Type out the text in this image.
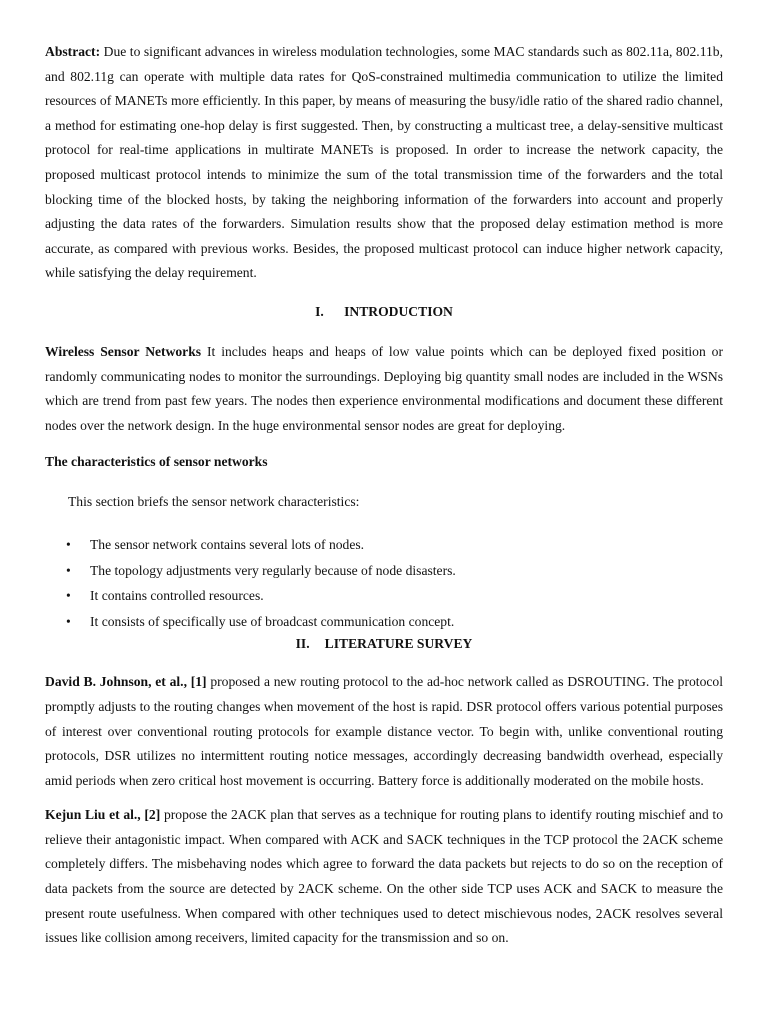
Abstract: Due to significant advances in wireless modulation technologies, some MAC standards such as 802.11a, 802.11b, and 802.11g can operate with multiple data rates for QoS-constrained multimedia communication to utilize the limited resources of MANETs more efficiently. In this paper, by means of measuring the busy/idle ratio of the shared radio channel, a method for estimating one-hop delay is first suggested. Then, by constructing a multicast tree, a delay-sensitive multicast protocol for real-time applications in multirate MANETs is proposed. In order to increase the network capacity, the proposed multicast protocol intends to minimize the sum of the total transmission time of the forwarders and the total blocking time of the blocked hosts, by taking the neighboring information of the forwarders into account and properly adjusting the data rates of the forwarders. Simulation results show that the proposed delay estimation method is more accurate, as compared with previous works. Besides, the proposed multicast protocol can induce higher network capacity, while satisfying the delay requirement.

I. INTRODUCTION

Wireless Sensor Networks It includes heaps and heaps of low value points which can be deployed fixed position or randomly communicating nodes to monitor the surroundings. Deploying big quantity small nodes are included in the WSNs which are trend from past few years. The nodes then experience environmental modifications and document these different nodes over the network design. In the huge environmental sensor nodes are great for deploying.

The characteristics of sensor networks
This section briefs the sensor network characteristics:
• The sensor network contains several lots of nodes.
• The topology adjustments very regularly because of node disasters.
• It contains controlled resources.
• It consists of specifically use of broadcast communication concept.
II. LITERATURE SURVEY

David B. Johnson, et al., [1] proposed a new routing protocol to the ad-hoc network called as DSROUTING. The protocol promptly adjusts to the routing changes when movement of the host is rapid. DSR protocol offers various potential purposes of interest over conventional routing protocols for example distance vector. To begin with, unlike conventional routing protocols, DSR utilizes no intermittent routing notice messages, accordingly decreasing bandwidth overhead, especially amid periods when zero critical host movement is occurring. Battery force is additionally moderated on the mobile hosts.

Kejun Liu et al., [2] propose the 2ACK plan that serves as a technique for routing plans to identify routing mischief and to relieve their antagonistic impact. When compared with ACK and SACK techniques in the TCP protocol the 2ACK scheme completely differs. The misbehaving nodes which agree to forward the data packets but rejects to do so on the reception of data packets from the source are detected by 2ACK scheme. On the other side TCP uses ACK and SACK to measure the present route usefulness. When compared with other techniques used to detect mischievous nodes, 2ACK resolves several issues like collision among receivers, limited capacity for the transmission and so on.
